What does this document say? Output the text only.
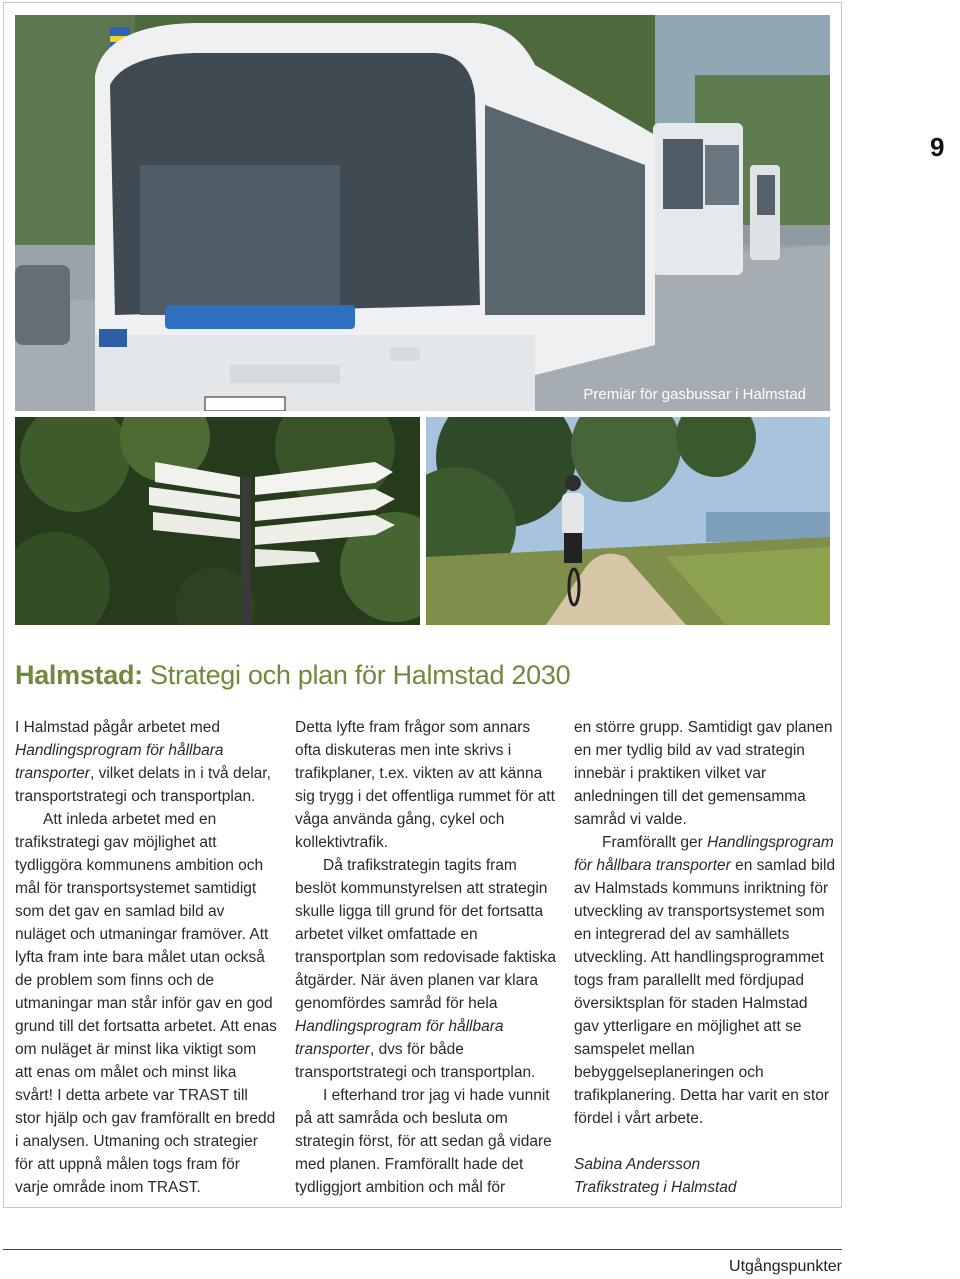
9
Premiär för gasbussar i Halmstad
Halmstad: Strategi och plan för Halmstad 2030

I Halmstad pågår arbetet med Handlingsprogram för hållbara transporter, vilket delats in i två delar, transportstrategi och transportplan.

Att inleda arbetet med en trafikstrategi gav möjlighet att tydliggöra kommunens ambition och mål för transportsystemet samtidigt som det gav en samlad bild av nuläget och utmaningar framöver. Att lyfta fram inte bara målet utan också de problem som finns och de utmaningar man står inför gav en god grund till det fortsatta arbetet. Att enas om nuläget är minst lika viktigt som att enas om målet och minst lika svårt! I detta arbete var TRAST till stor hjälp och gav framförallt en bredd i analysen. Utmaning och strategier för att uppnå målen togs fram för varje område inom TRAST.

Detta lyfte fram frågor som annars ofta diskuteras men inte skrivs i trafikplaner, t.ex. vikten av att känna sig trygg i det offentliga rummet för att våga använda gång, cykel och kollektivtrafik.

Då trafikstrategin tagits fram beslöt kommunstyrelsen att strategin skulle ligga till grund för det fortsatta arbetet vilket omfattade en transportplan som redovisade faktiska åtgärder. När även planen var klara genomfördes samråd för hela Handlingsprogram för hållbara transporter, dvs för både transportstrategi och transportplan.

I efterhand tror jag vi hade vunnit på att samråda och besluta om strategin först, för att sedan gå vidare med planen. Framförallt hade det tydliggjort ambition och mål för

en större grupp. Samtidigt gav planen en mer tydlig bild av vad strategin innebär i praktiken vilket var anledningen till det gemensamma samråd vi valde.

Framförallt ger Handlingsprogram för hållbara transporter en samlad bild av Halmstads kommuns inriktning för utveckling av transportsystemet som en integrerad del av samhällets utveckling. Att handlingsprogrammet togs fram parallellt med fördjupad översiktsplan för staden Halmstad gav ytterligare en möjlighet att se samspelet mellan bebyggelseplaneringen och trafikplanering. Detta har varit en stor fördel i vårt arbete.

Sabina Andersson

Trafikstrateg i Halmstad

Utgångspunkter
